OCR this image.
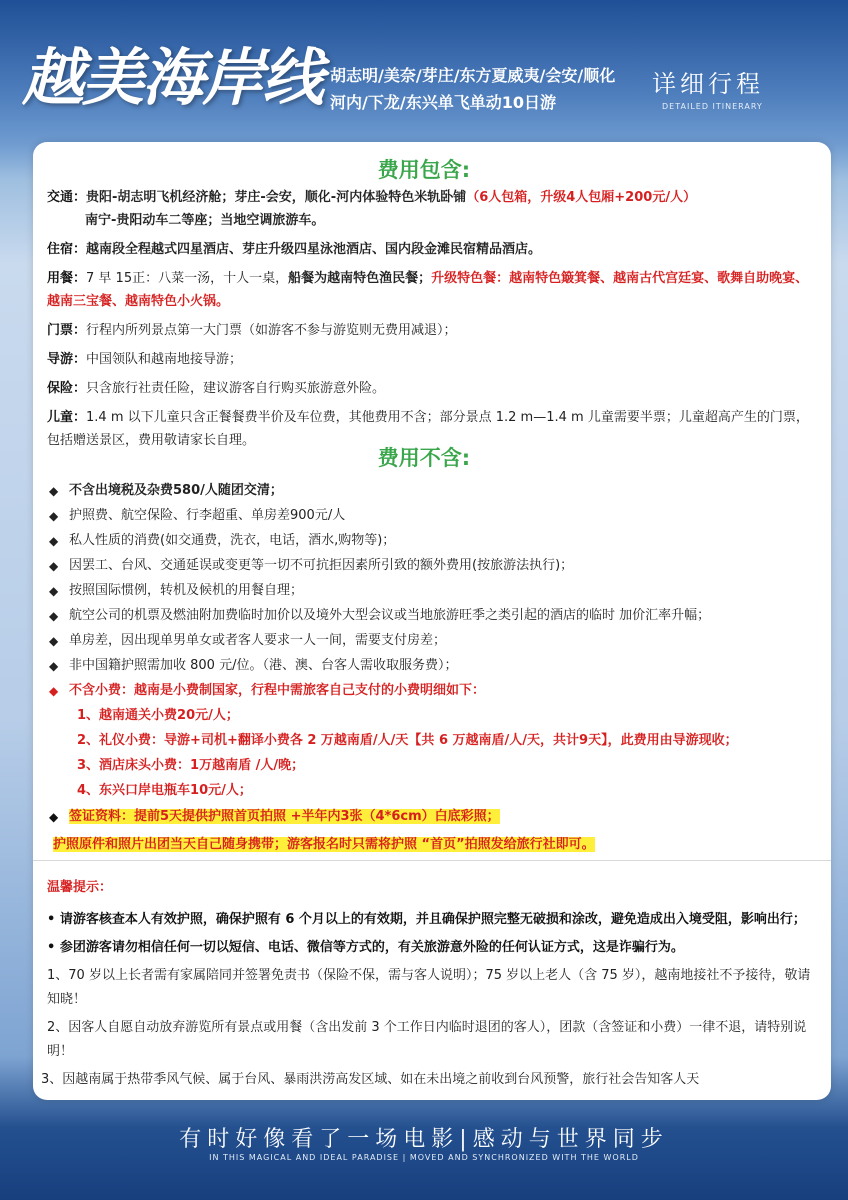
越美海岸线 胡志明/美奈/芽庄/东方夏威夷/会安/顺化
河内/下龙/东兴单飞单动10日游
详细行程
DETAILED ITINERARY
费用包含:
交通：贵阳-胡志明飞机经济舱；芽庄-会安，顺化-河内体验特色米轨卧铺（6人包箱，升级4人包厢+200元/人）
南宁-贵阳动车二等座；当地空调旅游车。
住宿：越南段全程越式四星酒店、芽庄升级四星泳池酒店、国内段金滩民宿精品酒店。
用餐：7 早 15正：八菜一汤，十人一桌，船餐为越南特色渔民餐；升级特色餐：越南特色簸箕餐、越南古代宫廷宴、歌舞自助晚宴、越南三宝餐、越南特色小火锅。
门票：行程内所列景点第一大门票（如游客不参与游览则无费用减退）；
导游：中国领队和越南地接导游；
保险：只含旅行社责任险，建议游客自行购买旅游意外险。
儿童：1.4 m 以下儿童只含正餐餐费半价及车位费，其他费用不含；部分景点 1.2 m—1.4 m 儿童需要半票；儿童超高产生的门票，包括赠送景区，费用敬请家长自理。
费用不含:
◆ 不含出境税及杂费580/人随团交清；
◆ 护照费、航空保险、行李超重、单房差900元/人
◆ 私人性质的消费(如交通费，洗衣，电话，酒水,购物等)；
◆ 因罢工、台风、交通延误或变更等一切不可抗拒因素所引致的额外费用(按旅游法执行)；
◆ 按照国际惯例，转机及候机的用餐自理；
◆ 航空公司的机票及燃油附加费临时加价以及境外大型会议或当地旅游旺季之类引起的酒店的临时 加价汇率升幅；
◆ 单房差，因出现单男单女或者客人要求一人一间，需要支付房差；
◆ 非中国籍护照需加收 800 元/位。（港、澳、台客人需收取服务费）；
◆ 不含小费：越南是小费制国家，行程中需旅客自己支付的小费明细如下：
1、越南通关小费20元/人；
2、礼仪小费：导游+司机+翻译小费各 2 万越南盾/人/天【共 6 万越南盾/人/天，共计9天】，此费用由导游现收；
3、酒店床头小费：1万越南盾 /人/晚；
4、东兴口岸电瓶车10元/人；
◆ 签证资料：提前5天提供护照首页拍照 +半年内3张（4*6cm）白底彩照；
护照原件和照片出团当天自己随身携带；游客报名时只需将护照 “首页”拍照发给旅行社即可。
温馨提示：
• 请游客核查本人有效护照，确保护照有 6 个月以上的有效期，并且确保护照完整无破损和涂改，避免造成出入境受阻，影响出行；
• 参团游客请勿相信任何一切以短信、电话、微信等方式的，有关旅游意外险的任何认证方式，这是诈骗行为。
1、70 岁以上长者需有家属陪同并签署免责书（保险不保，需与客人说明）；75 岁以上老人（含 75 岁），越南地接社不予接待，敬请知晓！
2、因客人自愿自动放弃游览所有景点或用餐（含出发前 3 个工作日内临时退团的客人），团款（含签证和小费）一律不退，请特别说明！
3、因越南属于热带季风气候、属于台风、暴雨洪涝高发区域、如在未出境之前收到台风预警，旅行社会告知客人天
有时好像看了一场电影|感动与世界同步
IN THIS MAGICAL AND IDEAL PARADISE | MOVED AND SYNCHRONIZED WITH THE WORLD
